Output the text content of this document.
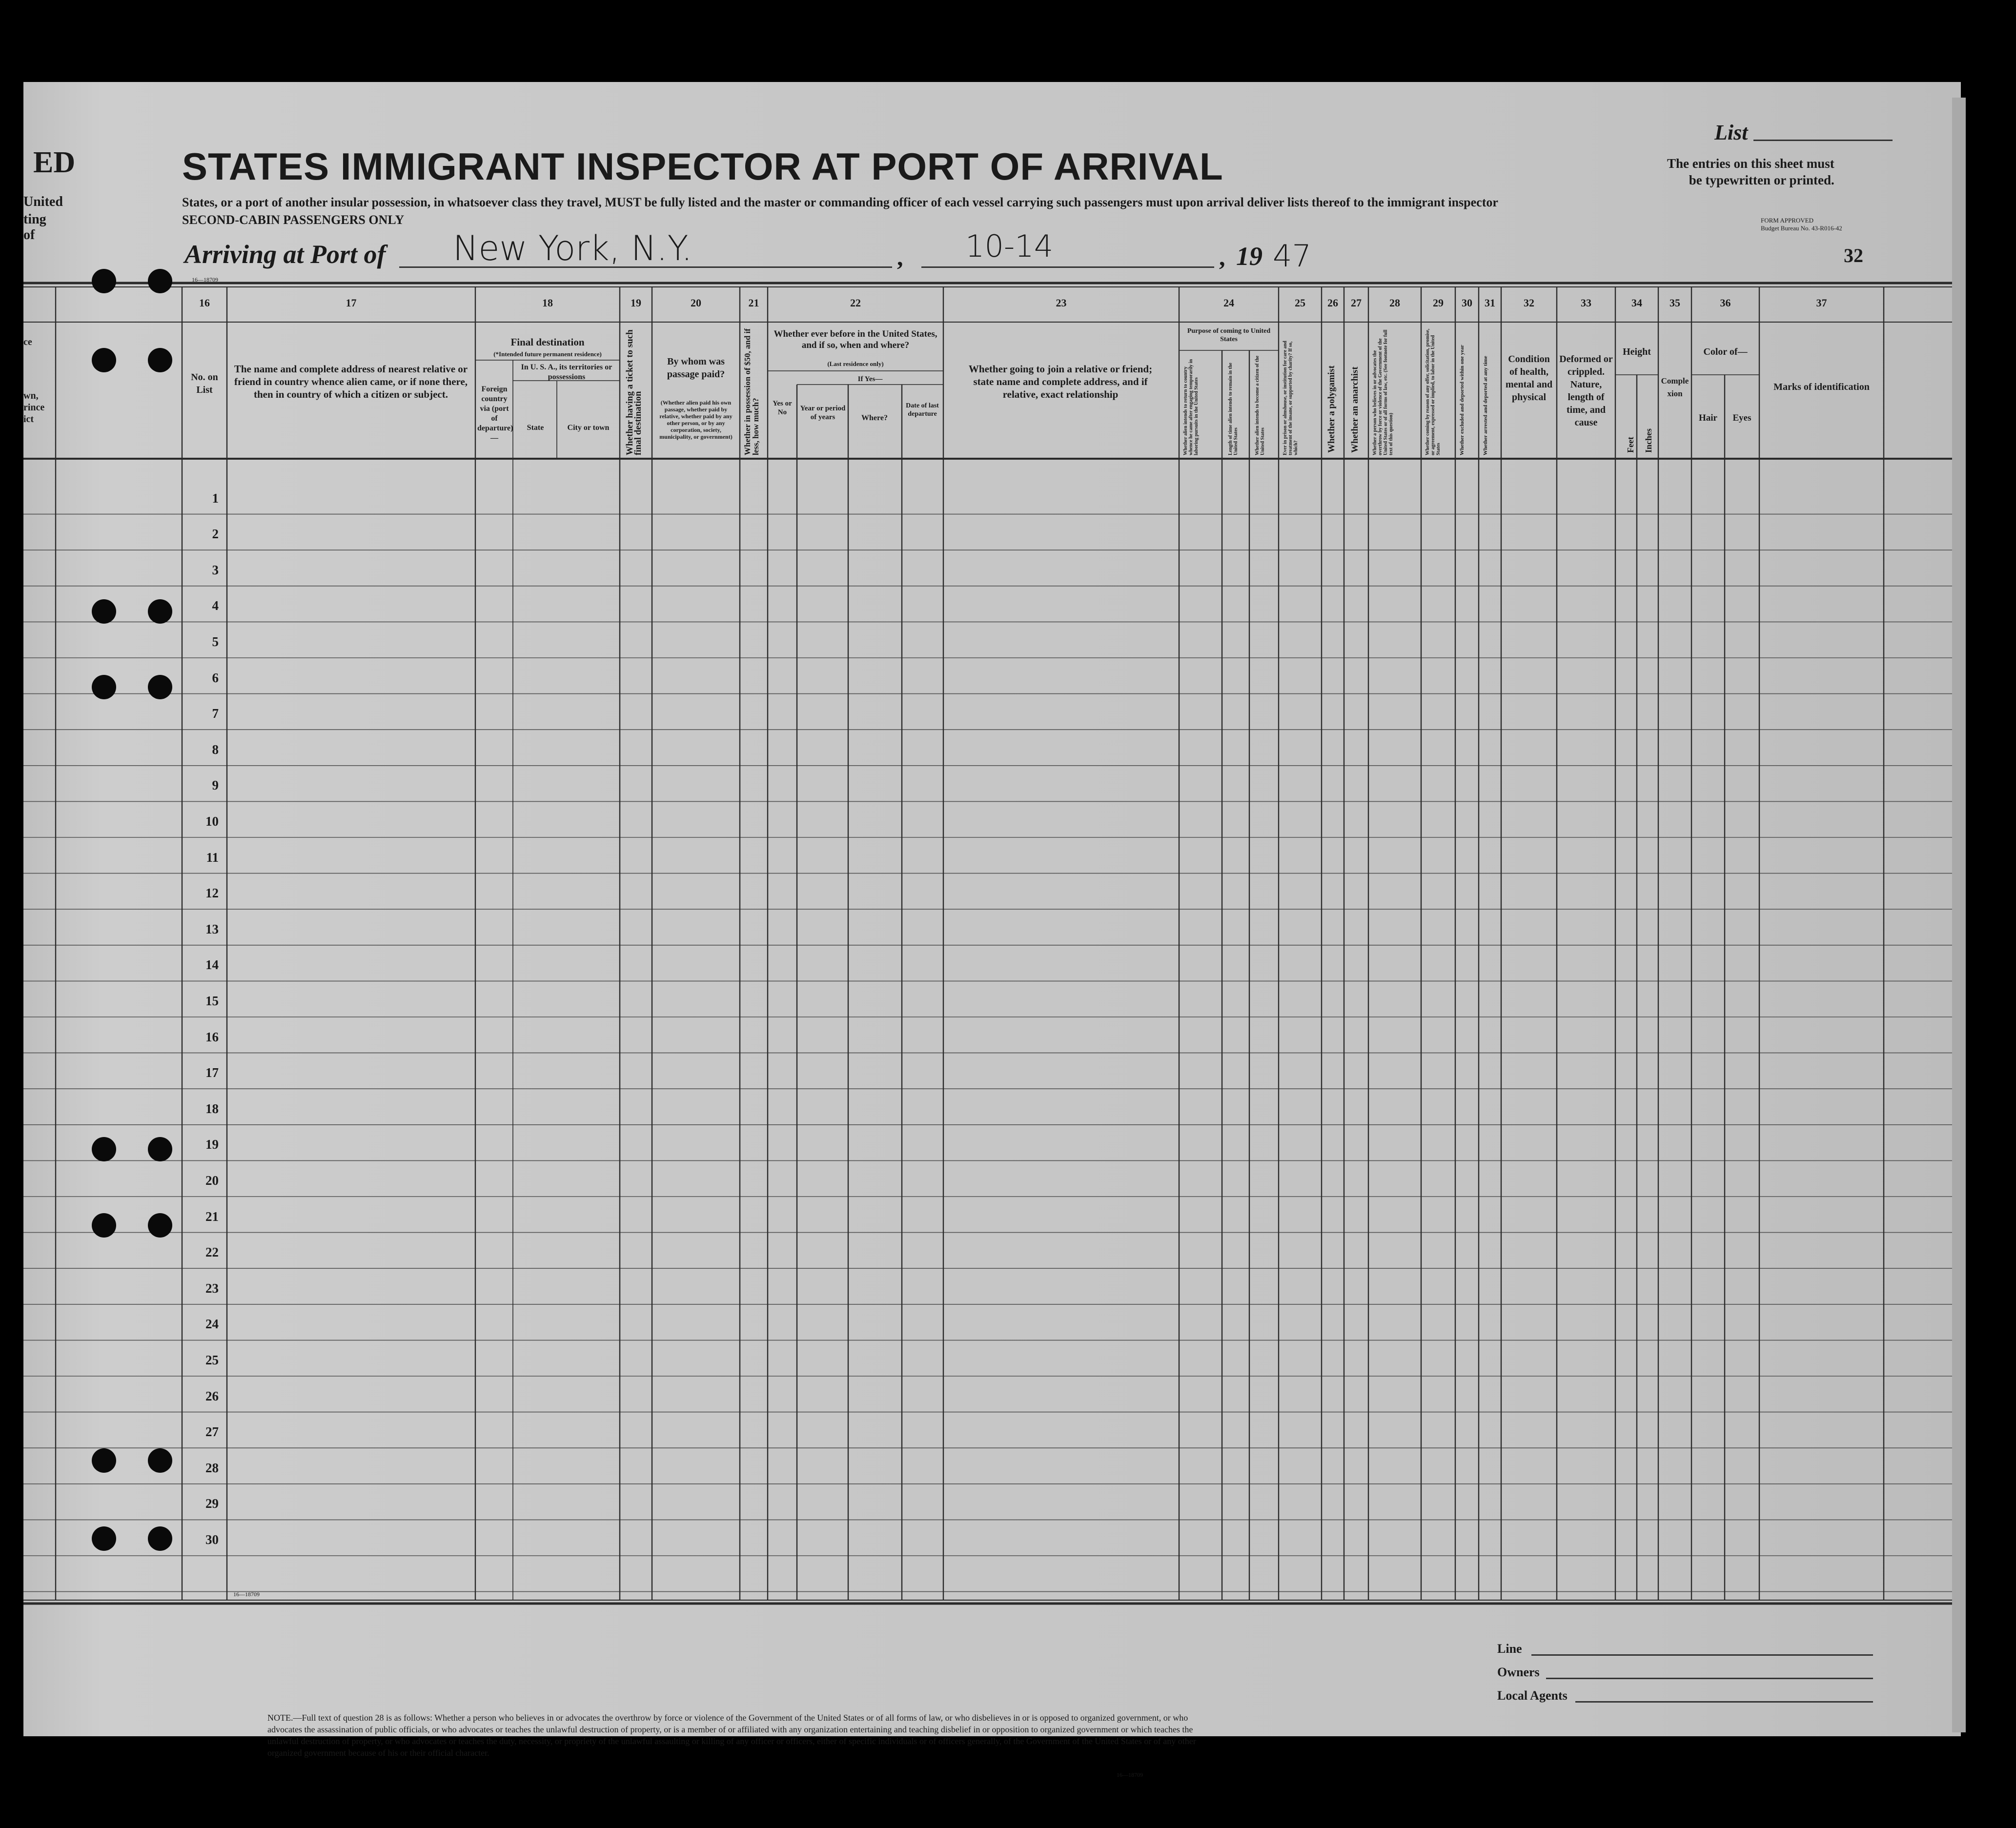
ED
United
ting of
ce
wn,
rince
ict
STATES IMMIGRANT INSPECTOR AT PORT OF ARRIVAL
States, or a port of another insular possession, in whatsoever class they travel, MUST be fully listed and the master or commanding officer of each vessel carrying such passengers must upon arrival deliver lists thereof to the immigrant inspector
SECOND-CABIN PASSENGERS ONLY
Arriving at Port of New York, N.Y.	, 10-14	, 19 47
List
The entries on this sheet must
be typewritten or printed.
FORM APPROVED
Budget Bureau No. 43-R016-42
32
16—18709
16
No. on List
17
The name and complete address of nearest relative or friend in country whence alien came, or if none there, then in country of which a citizen or subject.
18
Final destination
(*Intended future permanent residence)
Foreign country via (port of departure)—
In U. S. A., its territories or possessions
State	City or town
19
Whether having a ticket to such final destination
20
By whom was passage paid?
(Whether alien paid his own passage, whether paid by relative, whether paid by any other person, or by any corporation, society, municipality, or government)
21
Whether in possession of $50, and if less, how much?
22
Whether ever before in the United States, and if so, when and where?
(Last residence only)
If Yes—
Yes or No	Year or period of years	Where?
Date of last departure
23
Whether going to join a relative or friend; state name and complete address, and if relative, exact relationship
24
Purpose of coming to United States
Whether alien intends to return to country whence he came after engaging temporarily in laboring pursuits in the United States	Length of time alien intends to remain in the United States	Whether alien intends to become a citizen of the United States
25
Ever in prison or almshouse, or institution for care and treatment of the insane, or supported by charity? If so, which?
26
Whether a polygamist
27
Whether an anarchist
28
Whether a person who believes in or advocates the overthrow by force or violence of the Government of the United States or of all forms of law, etc. (See footnote for full text of this question)
29
Whether coming by reason of any offer, solicitation, promise, or agreement, expressed or implied, to labor in the United States
30
Whether excluded and deported within one year
31
Whether arrested and deported at any time
32
Condition of health, mental and physical
33
Deformed or crippled. Nature, length of time, and cause
34
Height
Feet Inches
35
Complexion
36
Color of—
Hair	Eyes
37
Marks of identification
1
2
3
4
5
6
7
8
9
10
11
12
13
14
15
16
17
18
19
20
21
22
23
24
25
26
27
28
29
30
16—18709
NOTE.—Full text of question 28 is as follows: Whether a person who believes in or advocates the overthrow by force or violence of the Government of the United States or of all forms of law, or who disbelieves in or is opposed to organized government, or who advocates the assassination of public officials, or who advocates or teaches the unlawful destruction of property, or is a member of or affiliated with any organization entertaining and teaching disbelief in or opposition to organized government or which teaches the unlawful destruction of property, or who advocates or teaches the duty, necessity, or propriety of the unlawful assaulting or killing of any officer or officers, either of specific individuals or of officers generally, of the Government of the United States or of any other organized government because of his or their official character.
16—18709
Line
Owners
Local Agents
